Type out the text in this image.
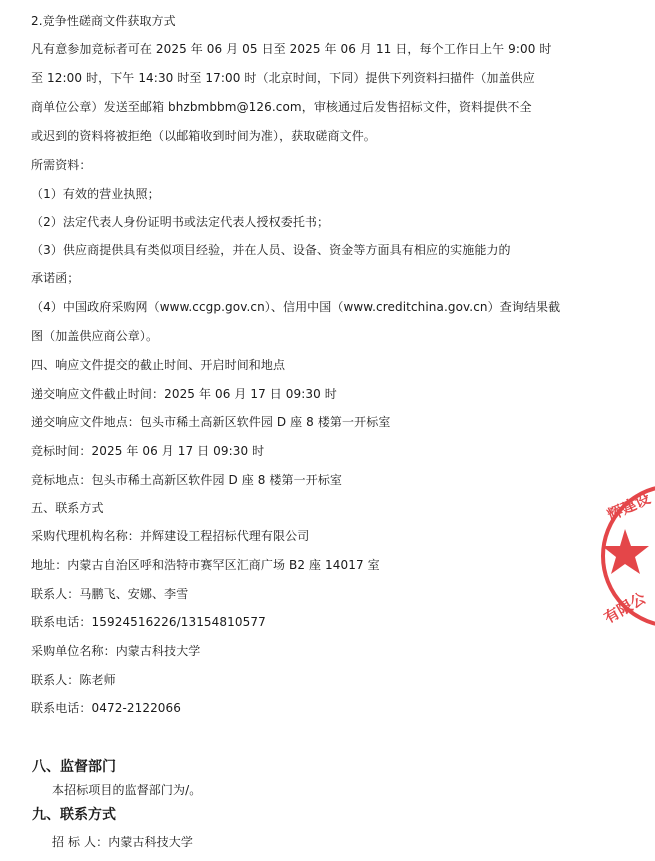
2.竞争性磋商文件获取方式
凡有意参加竞标者可在 2025 年 06 月 05 日至 2025 年 06 月 11 日，每个工作日上午 9:00 时
至 12:00 时，下午 14:30 时至 17:00 时（北京时间，下同）提供下列资料扫描件（加盖供应
商单位公章）发送至邮箱 bhzbmbbm@126.com，审核通过后发售招标文件，资料提供不全
或迟到的资料将被拒绝（以邮箱收到时间为准），获取磋商文件。
所需资料：
（1）有效的营业执照；
（2）法定代表人身份证明书或法定代表人授权委托书；
（3）供应商提供具有类似项目经验，并在人员、设备、资金等方面具有相应的实施能力的
承诺函；
（4）中国政府采购网（www.ccgp.gov.cn）、信用中国（www.creditchina.gov.cn）查询结果截
图（加盖供应商公章）。
四、响应文件提交的截止时间、开启时间和地点
递交响应文件截止时间：2025 年 06 月 17 日 09:30 时
递交响应文件地点：包头市稀土高新区软件园 D 座 8 楼第一开标室
竞标时间：2025 年 06 月 17 日 09:30 时
竞标地点：包头市稀土高新区软件园 D 座 8 楼第一开标室
五、联系方式
采购代理机构名称：并辉建设工程招标代理有限公司
地址：内蒙古自治区呼和浩特市赛罕区汇商广场 B2 座 14017 室
联系人：马鹏飞、安娜、李雪
联系电话：15924516226/13154810577
采购单位名称：内蒙古科技大学
联系人：陈老师
联系电话：0472-2122066
八、监督部门
本招标项目的监督部门为/。
九、联系方式
招 标 人：内蒙古科技大学
辉建设
有限公
